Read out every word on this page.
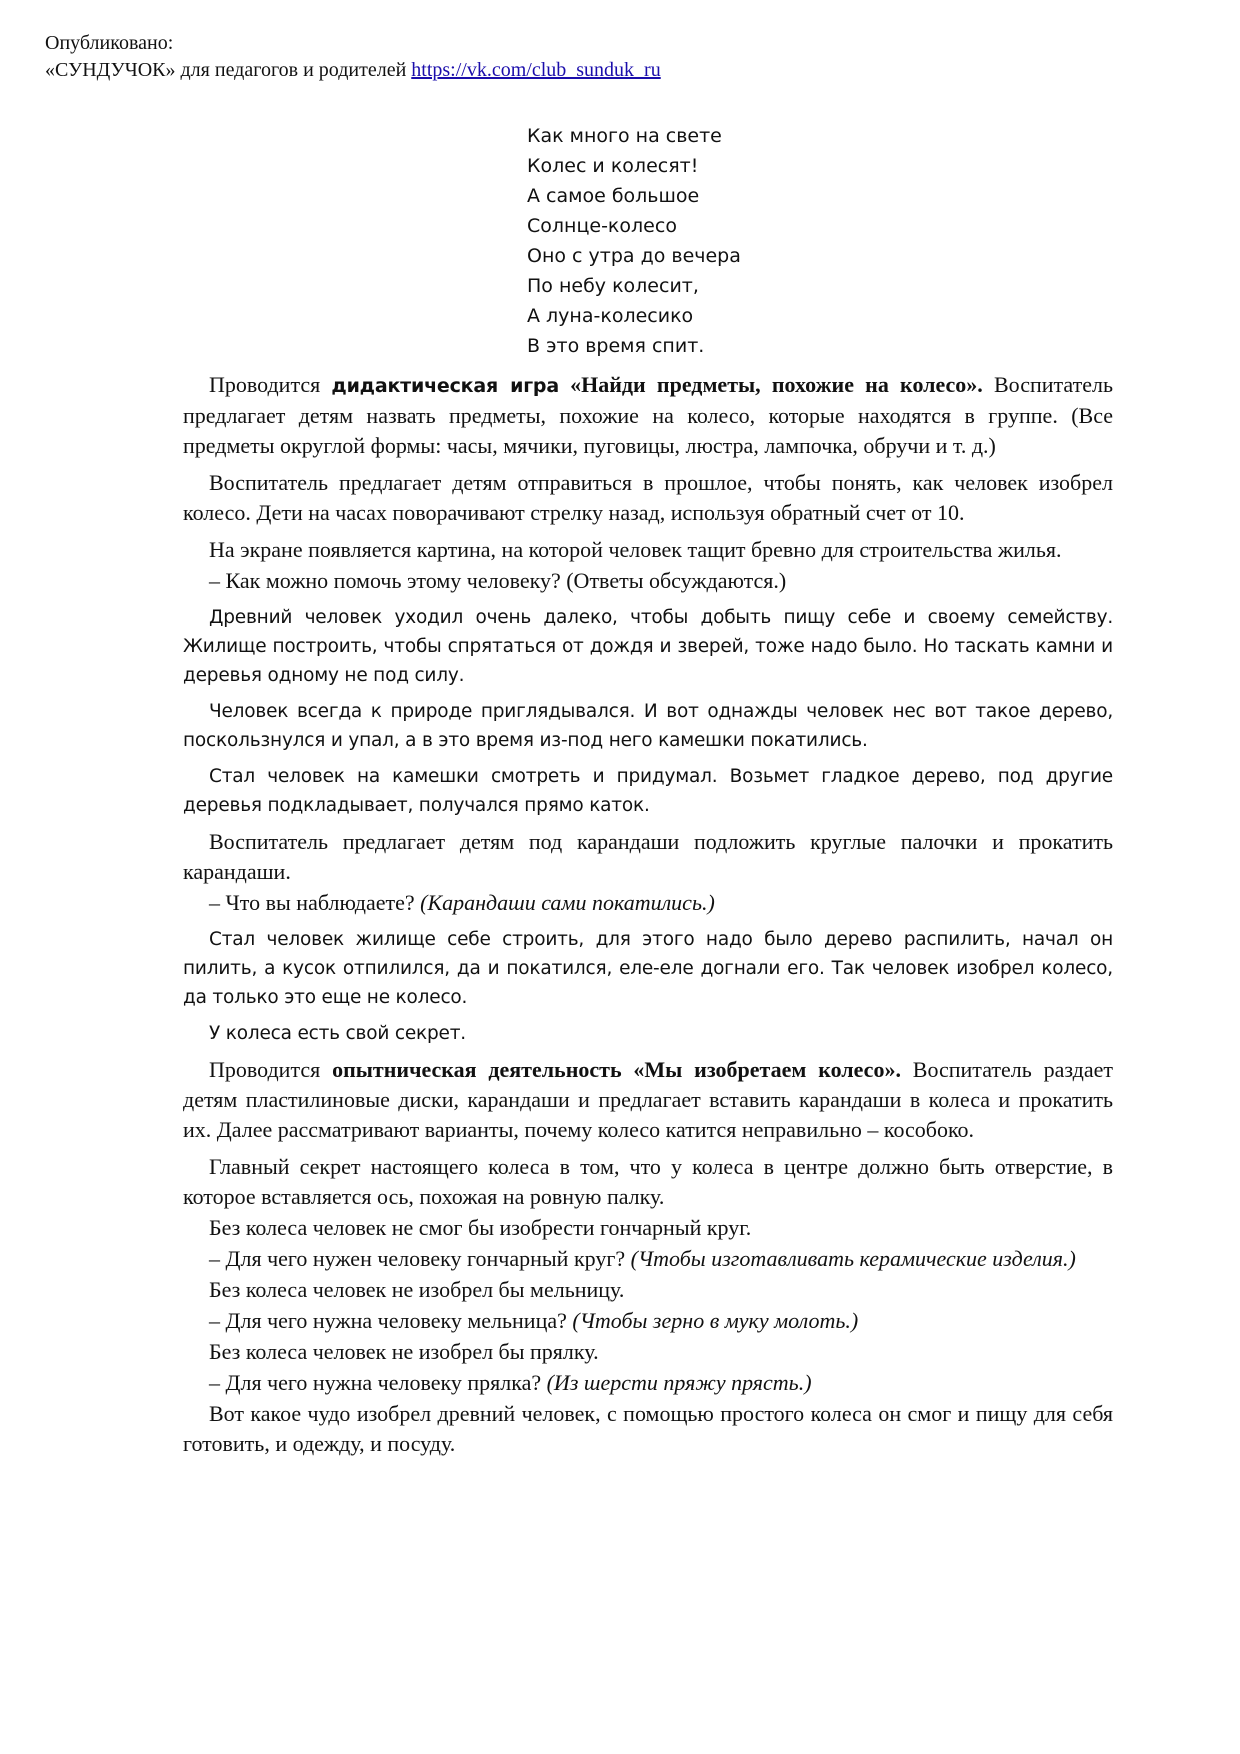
Опубликовано:
«СУНДУЧОК» для педагогов и родителей https://vk.com/club_sunduk_ru
Как много на свете
Колес и колесят!
А самое большое
Солнце-колесо
Оно с утра до вечера
По небу колесит,
А луна-колесико
В это время спит.

Проводится дидактическая игра «Найди предметы, похожие на колесо». Воспитатель предлагает детям назвать предметы, похожие на колесо, которые находятся в группе. (Все предметы округлой формы: часы, мячики, пуговицы, люстра, лампочка, обручи и т. д.)

Воспитатель предлагает детям отправиться в прошлое, чтобы понять, как человек изобрел колесо. Дети на часах поворачивают стрелку назад, используя обратный счет от 10.

На экране появляется картина, на которой человек тащит бревно для строительства жилья.

– Как можно помочь этому человеку? (Ответы обсуждаются.)

Древний человек уходил очень далеко, чтобы добыть пищу себе и своему семейству. Жилище построить, чтобы спрятаться от дождя и зверей, тоже надо было. Но таскать камни и деревья одному не под силу.

Человек всегда к природе приглядывался. И вот однажды человек нес вот такое дерево, поскользнулся и упал, а в это время из-под него камешки покатились.

Стал человек на камешки смотреть и придумал. Возьмет гладкое дерево, под другие деревья подкладывает, получался прямо каток.

Воспитатель предлагает детям под карандаши подложить круглые палочки и прокатить карандаши.

– Что вы наблюдаете? (Карандаши сами покатились.)

Стал человек жилище себе строить, для этого надо было дерево распилить, начал он пилить, а кусок отпилился, да и покатился, еле-еле догнали его. Так человек изобрел колесо, да только это еще не колесо.

У колеса есть свой секрет.

Проводится опытническая деятельность «Мы изобретаем колесо». Воспитатель раздает детям пластилиновые диски, карандаши и предлагает вставить карандаши в колеса и прокатить их. Далее рассматривают варианты, почему колесо катится неправильно – кособоко.

Главный секрет настоящего колеса в том, что у колеса в центре должно быть отверстие, в которое вставляется ось, похожая на ровную палку.

Без колеса человек не смог бы изобрести гончарный круг.

– Для чего нужен человеку гончарный круг? (Чтобы изготавливать керамические изделия.)

Без колеса человек не изобрел бы мельницу.

– Для чего нужна человеку мельница? (Чтобы зерно в муку молоть.)

Без колеса человек не изобрел бы прялку.

– Для чего нужна человеку прялка? (Из шерсти пряжу прясть.)

Вот какое чудо изобрел древний человек, с помощью простого колеса он смог и пищу для себя готовить, и одежду, и посуду.
